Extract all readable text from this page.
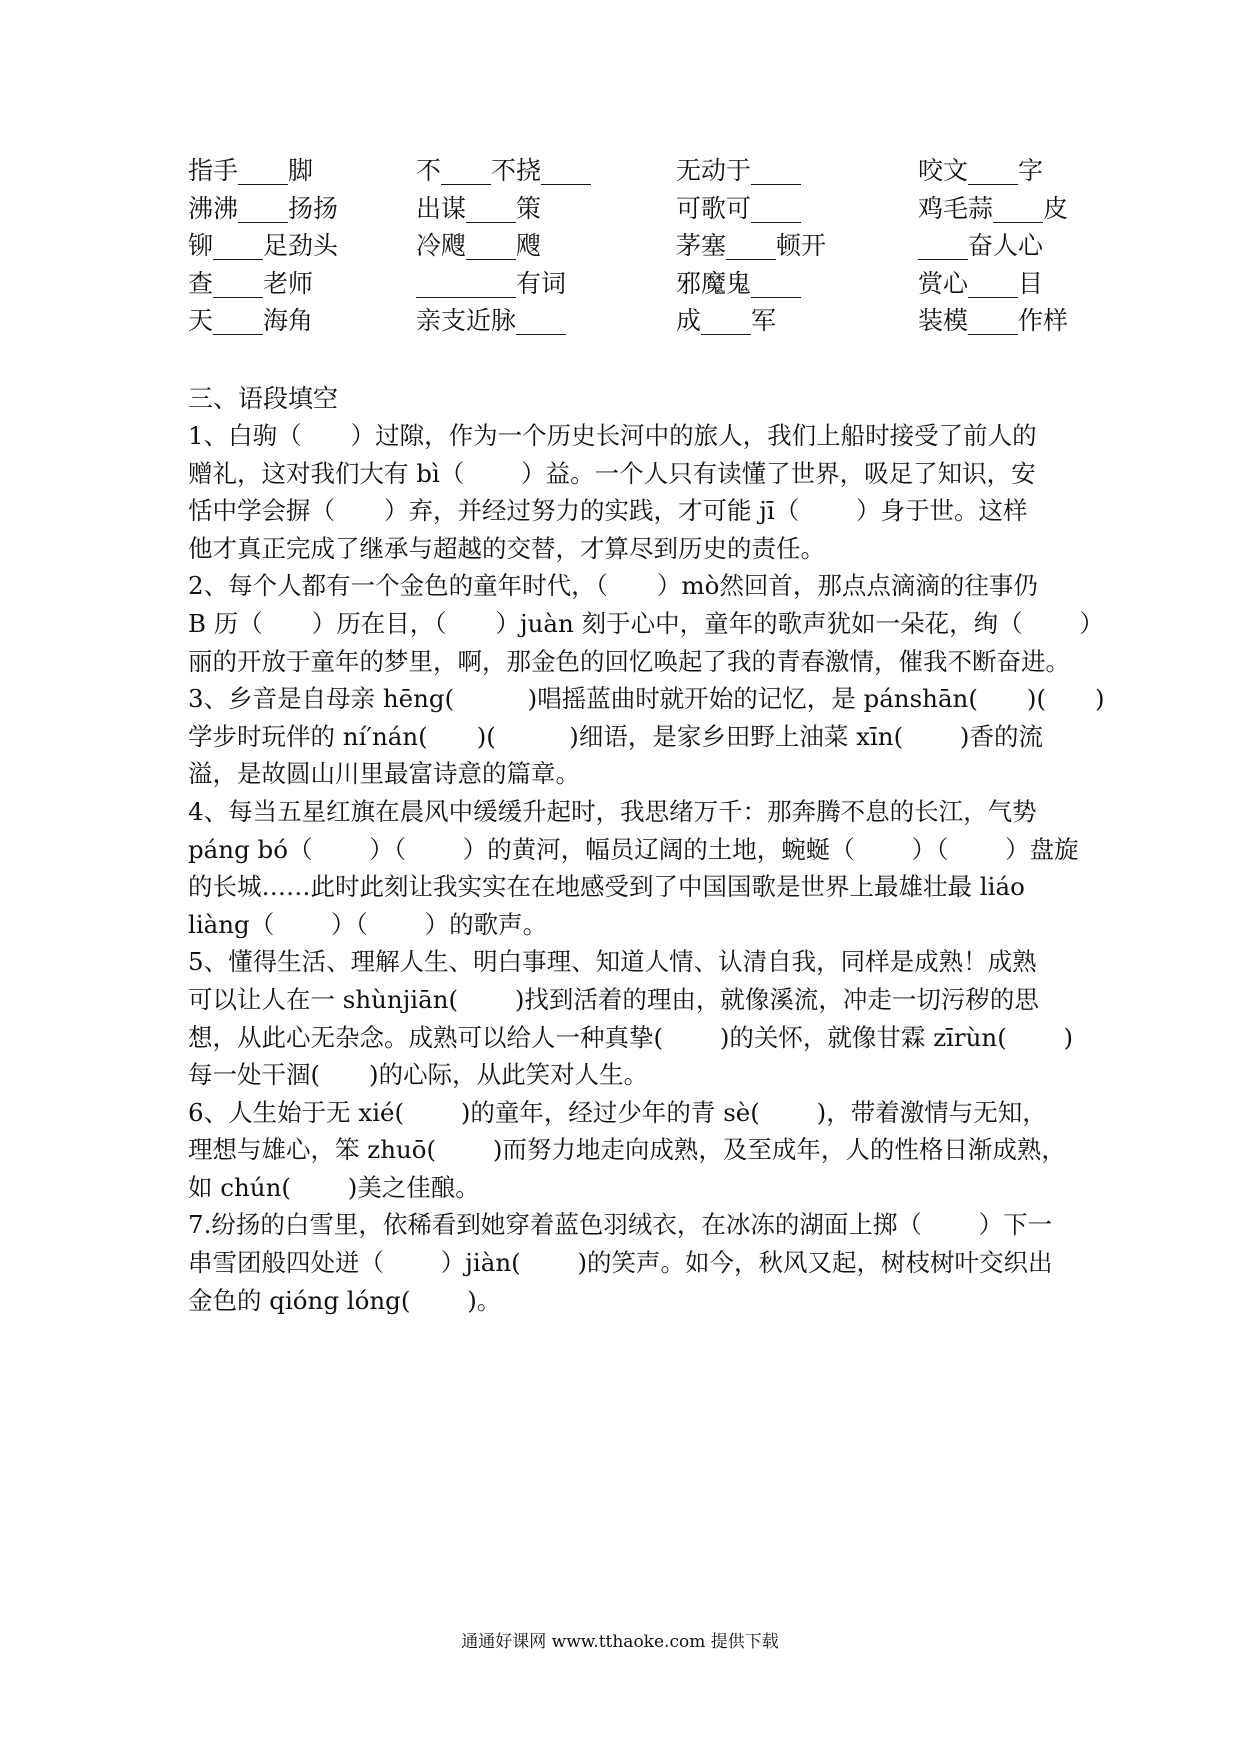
指手____脚	不____不挠____	无动于____	咬文____字
沸沸____扬扬	出谋____策	可歌可____	鸡毛蒜____皮
铆____足劲头	冷飕____飕	茅塞____顿开	____奋人心
查____老师	________有词	邪魔鬼____	赏心____目
天____海角	亲支近脉____	成____军	装模____作样
三、语段填空
1、白驹（　　）过隙，作为一个历史长河中的旅人，我们上船时接受了前人的
赠礼，这对我们大有 bì（　　 ）益。一个人只有读懂了世界，吸足了知识，安
恬中学会摒（　　）弃，并经过努力的实践，才可能 jī（　　 ）身于世。这样
他才真正完成了继承与超越的交替，才算尽到历史的责任。
2、每个人都有一个金色的童年时代，（　　）mò然回首，那点点滴滴的往事仍
B 历（　　）历在目，（　　）juàn 刻于心中，童年的歌声犹如一朵花，绚（　　 ）
丽的开放于童年的梦里，啊，那金色的回忆唤起了我的青春激情，催我不断奋进。
3、乡音是自母亲 hēng(　　　)唱摇蓝曲时就开始的记忆，是 pánshān(　　)(　　)
学步时玩伴的 ní′nán(　　)(　　　)细语，是家乡田野上油菜 xīn(　　 )香的流
溢，是故圆山川里最富诗意的篇章。
4、每当五星红旗在晨风中缓缓升起时，我思绪万千：那奔腾不息的长江，气势
páng bó（　　 ）（　　 ）的黄河，幅员辽阔的土地，蜿蜒（　　 ）（　　 ）盘旋
的长城……此时此刻让我实实在在地感受到了中国国歌是世界上最雄壮最 liáo
liàng（　　 ）（　　 ）的歌声。
5、懂得生活、理解人生、明白事理、知道人情、认清自我，同样是成熟！成熟
可以让人在一 shùnjiān(　　 )找到活着的理由，就像溪流，冲走一切污秽的思
想，从此心无杂念。成熟可以给人一种真挚(　　 )的关怀，就像甘霖 zīrùn(　　 )
每一处干涸(　　)的心际，从此笑对人生。
6、人生始于无 xié(　　 )的童年，经过少年的青 sè(　　 )，带着激情与无知，
理想与雄心，笨 zhuō(　　 )而努力地走向成熟，及至成年，人的性格日渐成熟，
如 chún(　　 )美之佳酿。
7.纷扬的白雪里，依稀看到她穿着蓝色羽绒衣，在冰冻的湖面上掷（　　 ）下一
串雪团般四处迸（　　 ）jiàn(　　 )的笑声。如今，秋风又起，树枝树叶交织出
金色的 qióng lóng(　　 )。
通通好课网 www.tthaoke.com 提供下载
